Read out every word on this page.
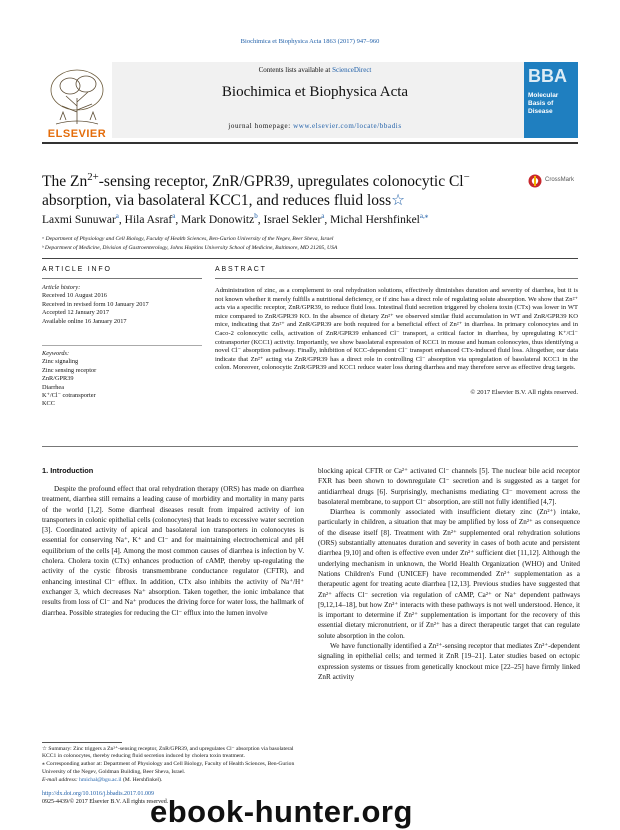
Biochimica et Biophysica Acta 1863 (2017) 947–960
ELSEVIER
Contents lists available at ScienceDirect
Biochimica et Biophysica Acta
journal homepage: www.elsevier.com/locate/bbadis
BBA
Molecular
Basis of
Disease
The $Zn^{2+}$-sensing receptor, ZnR/GPR39, upregulates colonocytic Cl− absorption, via basolateral KCC1, and reduces fluid loss☆
CrossMark
Laxmi Sunuwar$^a$, Hila Asraf$^a$, Mark Donowitz$^b$, Israel Sekler$^a$, Michal Hershfinkel$^{a,⁎}$
ᵃ Department of Physiology and Cell Biology, Faculty of Health Sciences, Ben-Gurion University of the Negev, Beer Sheva, Israel
ᵇ Department of Medicine, Division of Gastroenterology, Johns Hopkins University School of Medicine, Baltimore, MD 21205, USA
ARTICLE INFO	ABSTRACT
Article history:
Received 10 August 2016
Received in revised form 10 January 2017
Accepted 12 January 2017
Available online 16 January 2017
Keywords:
Zinc signaling
Zinc sensing receptor
ZnR/GPR39
Diarrhea
K⁺/Cl⁻ cotransporter
KCC
Administration of zinc, as a complement to oral rehydration solutions, effectively diminishes duration and severity of diarrhea, but it is not known whether it merely fulfills a nutritional deficiency, or if zinc has a direct role of regulating solute absorption. We show that Zn²⁺ acts via a specific receptor, ZnR/GPR39, to reduce fluid loss. Intestinal fluid secretion triggered by cholera toxin (CTx) was lower in WT mice compared to ZnR/GPR39 KO. In the absence of dietary Zn²⁺ we observed similar fluid accumulation in WT and ZnR/GPR39 KO mice, indicating that Zn²⁺ and ZnR/GPR39 are both required for a beneficial effect of Zn²⁺ in diarrhea. In primary colonocytes and in Caco-2 colonocytic cells, activation of ZnR/GPR39 enhanced Cl⁻ transport, a critical factor in diarrhea, by upregulating K⁺/Cl⁻ cotransporter (KCC1) activity. Importantly, we show basolateral expression of KCC1 in mouse and human colonocytes, thus identifying a novel Cl⁻ absorption pathway. Finally, inhibition of KCC-dependent Cl⁻ transport enhanced CTx-induced fluid loss. Altogether, our data indicate that Zn²⁺ acting via ZnR/GPR39 has a direct role in controlling Cl⁻ absorption via upregulation of basolateral KCC1 in the colon. Moreover, colonocytic ZnR/GPR39 and KCC1 reduce water loss during diarrhea and may therefore serve as effective drug targets.
© 2017 Elsevier B.V. All rights reserved.
1. Introduction

Despite the profound effect that oral rehydration therapy (ORS) has made on diarrhea treatment, diarrhea still remains a leading cause of morbidity and mortality in many parts of the world [1,2]. Some diarrheal diseases result from impaired activity of ion transporters in colonic epithelial cells (colonocytes) that leads to excessive water secretion [3]. Coordinated activity of apical and basolateral ion transporters in colonocytes is essential for conserving Na⁺, K⁺ and Cl⁻ and for maintaining electrochemical and pH equilibrium of the cells [4]. Among the most common causes of diarrhea is infection by V. cholera. Cholera toxin (CTx) enhances production of cAMP, thereby up-regulating the activity of the cystic fibrosis transmembrane conductance regulator (CFTR), and enhancing intestinal Cl⁻ efflux. In addition, CTx also inhibits the activity of Na⁺/H⁺ exchanger 3, which decreases Na⁺ absorption. Taken together, the ionic imbalance that results from loss of Cl⁻ and Na⁺ produces the driving force for water loss, the hallmark of diarrhea. Possible strategies for reducing the Cl⁻ efflux into the lumen involve

blocking apical CFTR or Ca²⁺ activated Cl⁻ channels [5]. The nuclear bile acid receptor FXR has been shown to downregulate Cl⁻ secretion and is suggested as a target for antidiarrheal drugs [6]. Surprisingly, mechanisms mediating Cl⁻ movement across the basolateral membrane, to support Cl⁻ absorption, are still not fully identified [4,7].

Diarrhea is commonly associated with insufficient dietary zinc (Zn²⁺) intake, particularly in children, a situation that may be amplified by loss of Zn²⁺ as consequence of the disease itself [8]. Treatment with Zn²⁺ supplemented oral rehydration solutions (ORS) substantially attenuates duration and severity in cases of both acute and persistent diarrhea [9,10] and often is effective even under Zn²⁺ sufficient diet [11,12]. Although the underlying mechanism in unknown, the World Health Organization (WHO) and United Nations Children's Fund (UNICEF) have recommended Zn²⁺ supplementation as a therapeutic agent for treating acute diarrhea [12,13]. Previous studies have suggested that Zn²⁺ affects Cl⁻ secretion via regulation of cAMP, Ca²⁺ or Na⁺ dependent pathways [9,12,14–18], but how Zn²⁺ interacts with these pathways is not well understood. Hence, it is important to determine if Zn²⁺ supplementation is important for the recovery of this essential dietary micronutrient, or if Zn²⁺ has a direct therapeutic target that can regulate solute absorption in the colon.

We have functionally identified a Zn²⁺-sensing receptor that mediates Zn²⁺-dependent signaling in epithelial cells; and termed it ZnR [19–21]. Later studies based on ectopic expression systems or tissues from genetically knockout mice [22–25] have firmly linked ZnR activity

☆ Summary: Zinc triggers a Zn²⁺-sensing receptor, ZnR/GPR39, and upregulates Cl⁻ absorption via basolateral KCC1 in colonocytes, thereby reducing fluid secretion induced by cholera toxin treatment.

⁎ Corresponding author at: Department of Physiology and Cell Biology, Faculty of Health Sciences, Ben-Gurion University of the Negev, Goldman Building, Beer Sheva, Israel.

E-mail address: hmichal@bgu.ac.il (M. Hershfinkel).

http://dx.doi.org/10.1016/j.bbadis.2017.01.009
0925-4439/© 2017 Elsevier B.V. All rights reserved.
ebook-hunter.org
